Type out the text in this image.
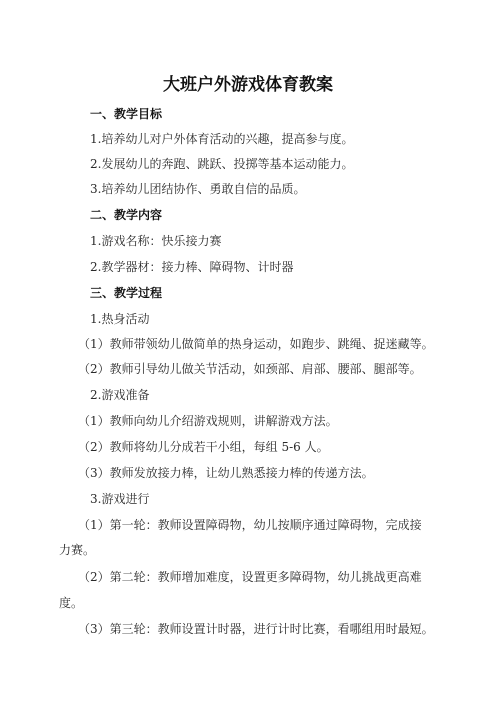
大班户外游戏体育教案
一、教学目标
1.培养幼儿对户外体育活动的兴趣，提高参与度。
2.发展幼儿的奔跑、跳跃、投掷等基本运动能力。
3.培养幼儿团结协作、勇敢自信的品质。
二、教学内容
1.游戏名称：快乐接力赛
2.教学器材：接力棒、障碍物、计时器
三、教学过程
1.热身活动
（1）教师带领幼儿做简单的热身运动，如跑步、跳绳、捉迷藏等。
（2）教师引导幼儿做关节活动，如颈部、肩部、腰部、腿部等。
2.游戏准备
（1）教师向幼儿介绍游戏规则，讲解游戏方法。
（2）教师将幼儿分成若干小组，每组 5-6 人。
（3）教师发放接力棒，让幼儿熟悉接力棒的传递方法。
3.游戏进行
（1）第一轮：教师设置障碍物，幼儿按顺序通过障碍物，完成接
力赛。
（2）第二轮：教师增加难度，设置更多障碍物，幼儿挑战更高难
度。
（3）第三轮：教师设置计时器，进行计时比赛，看哪组用时最短。
